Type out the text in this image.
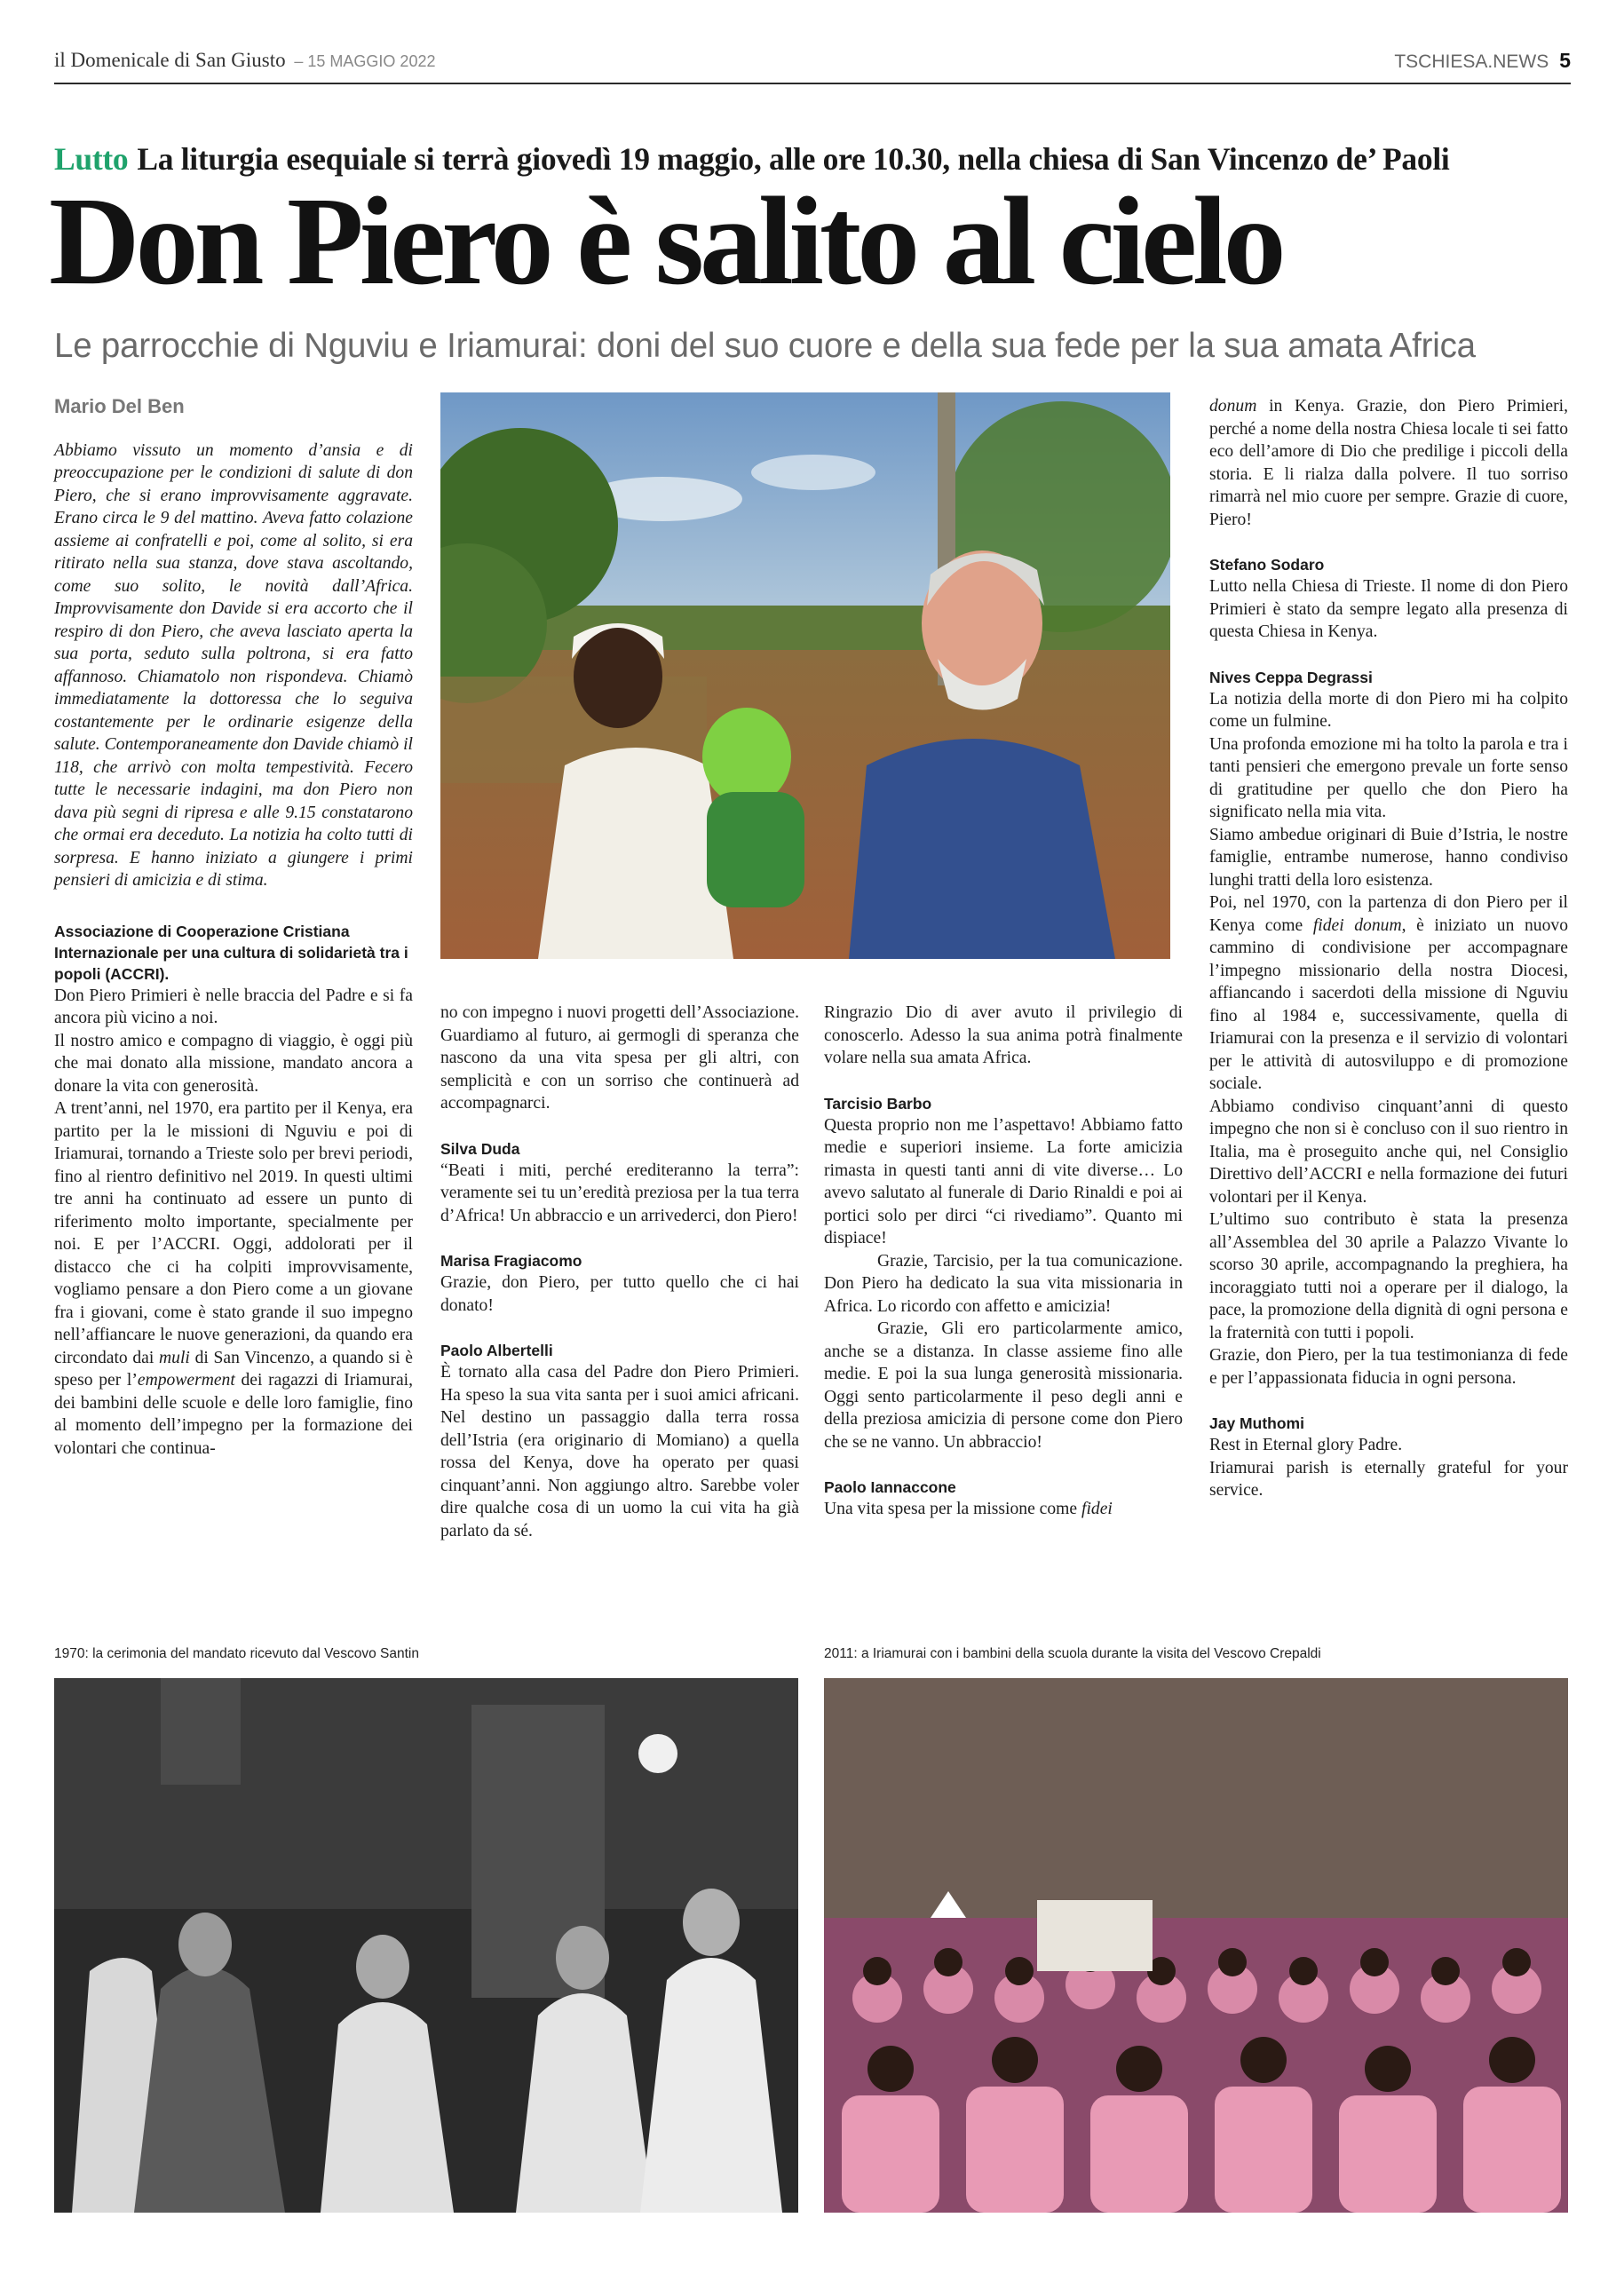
il Domenicale di San Giusto – 15 MAGGIO 2022	TSCHIESA.NEWS 5
Lutto La liturgia esequiale si terrà giovedì 19 maggio, alle ore 10.30, nella chiesa di San Vincenzo de’ Paoli
Don Piero è salito al cielo
Le parrocchie di Nguviu e Iriamurai: doni del suo cuore e della sua fede per la sua amata Africa

Mario Del Ben

Abbiamo vissuto un momento d’ansia e di preoccupazione per le condizioni di salute di don Piero, che si erano improvvisamente aggravate. Erano circa le 9 del mattino. Aveva fatto colazione assieme ai confratelli e poi, come al solito, si era ritirato nella sua stanza, dove stava ascoltando, come suo solito, le novità dall’Africa. Improvvisamente don Davide si era accorto che il respiro di don Piero, che aveva lasciato aperta la sua porta, seduto sulla poltrona, si era fatto affannoso. Chiamatolo non rispondeva. Chiamò immediatamente la dottoressa che lo seguiva costantemente per le ordinarie esigenze della salute. Contemporaneamente don Davide chiamò il 118, che arrivò con molta tempestività. Fecero tutte le necessarie indagini, ma don Piero non dava più segni di ripresa e alle 9.15 constatarono che ormai era deceduto. La notizia ha colto tutti di sorpresa. E hanno iniziato a giungere i primi pensieri di amicizia e di stima.

Associazione di Cooperazione Cristiana Internazionale per una cultura di solidarietà tra i popoli (ACCRI).

Don Piero Primieri è nelle braccia del Padre e si fa ancora più vicino a noi.

Il nostro amico e compagno di viaggio, è oggi più che mai donato alla missione, mandato ancora a donare la vita con generosità.

A trent’anni, nel 1970, era partito per il Kenya, era partito per la le missioni di Nguviu e poi di Iriamurai, tornando a Trieste solo per brevi periodi, fino al rientro definitivo nel 2019. In questi ultimi tre anni ha continuato ad essere un punto di riferimento molto importante, specialmente per noi. E per l’ACCRI. Oggi, addolorati per il distacco che ci ha colpiti improvvisamente, vogliamo pensare a don Piero come a un giovane fra i giovani, come è stato grande il suo impegno nell’affiancare le nuove generazioni, da quando era circondato dai muli di San Vincenzo, a quando si è speso per l’empowerment dei ragazzi di Iriamurai, dei bambini delle scuole e delle loro famiglie, fino al momento dell’impegno per la formazione dei volontari che continua-

no con impegno i nuovi progetti dell’Associazione. Guardiamo al futuro, ai germogli di speranza che nascono da una vita spesa per gli altri, con semplicità e con un sorriso che continuerà ad accompagnarci.

Silva Duda

“Beati i miti, perché erediteranno la terra”: veramente sei tu un’eredità preziosa per la tua terra d’Africa! Un abbraccio e un arrivederci, don Piero!

Marisa Fragiacomo

Grazie, don Piero, per tutto quello che ci hai donato!

Paolo Albertelli

È tornato alla casa del Padre don Piero Primieri. Ha speso la sua vita santa per i suoi amici africani. Nel destino un passaggio dalla terra rossa dell’Istria (era originario di Momiano) a quella rossa del Kenya, dove ha operato per quasi cinquant’anni. Non aggiungo altro. Sarebbe voler dire qualche cosa di un uomo la cui vita ha già parlato da sé.

Ringrazio Dio di aver avuto il privilegio di conoscerlo. Adesso la sua anima potrà finalmente volare nella sua amata Africa.

Tarcisio Barbo

Questa proprio non me l’aspettavo! Abbiamo fatto medie e superiori insieme. La forte amicizia rimasta in questi tanti anni di vite diverse… Lo avevo salutato al funerale di Dario Rinaldi e poi ai portici solo per dirci “ci rivediamo”. Quanto mi dispiace!

Grazie, Tarcisio, per la tua comunicazione. Don Piero ha dedicato la sua vita missionaria in Africa. Lo ricordo con affetto e amicizia!

Grazie, Gli ero particolarmente amico, anche se a distanza. In classe assieme fino alle medie. E poi la sua lunga generosità missionaria. Oggi sento particolarmente il peso degli anni e della preziosa amicizia di persone come don Piero che se ne vanno. Un abbraccio!

Paolo Iannaccone

Una vita spesa per la missione come fidei

donum in Kenya. Grazie, don Piero Primieri, perché a nome della nostra Chiesa locale ti sei fatto eco dell’amore di Dio che predilige i piccoli della storia. E li rialza dalla polvere. Il tuo sorriso rimarrà nel mio cuore per sempre. Grazie di cuore, Piero!

Stefano Sodaro

Lutto nella Chiesa di Trieste. Il nome di don Piero Primieri è stato da sempre legato alla presenza di questa Chiesa in Kenya.

Nives Ceppa Degrassi

La notizia della morte di don Piero mi ha colpito come un fulmine.

Una profonda emozione mi ha tolto la parola e tra i tanti pensieri che emergono prevale un forte senso di gratitudine per quello che don Piero ha significato nella mia vita.

Siamo ambedue originari di Buie d’Istria, le nostre famiglie, entrambe numerose, hanno condiviso lunghi tratti della loro esistenza.

Poi, nel 1970, con la partenza di don Piero per il Kenya come fidei donum, è iniziato un nuovo cammino di condivisione per accompagnare l’impegno missionario della nostra Diocesi, affiancando i sacerdoti della missione di Nguviu fino al 1984 e, successivamente, quella di Iriamurai con la presenza e il servizio di volontari per le attività di autosviluppo e di promozione sociale.

Abbiamo condiviso cinquant’anni di questo impegno che non si è concluso con il suo rientro in Italia, ma è proseguito anche qui, nel Consiglio Direttivo dell’ACCRI e nella formazione dei futuri volontari per il Kenya.

L’ultimo suo contributo è stata la presenza all’Assemblea del 30 aprile a Palazzo Vivante lo scorso 30 aprile, accompagnando la preghiera, ha incoraggiato tutti noi a operare per il dialogo, la pace, la promozione della dignità di ogni persona e la fraternità con tutti i popoli.

Grazie, don Piero, per la tua testimonianza di fede e per l’appassionata fiducia in ogni persona.

Jay Muthomi

Rest in Eternal glory Padre.

Iriamurai parish is eternally grateful for your service.

1970: la cerimonia del mandato ricevuto dal Vescovo Santin	2011: a Iriamurai con i bambini della scuola durante la visita del Vescovo Crepaldi
